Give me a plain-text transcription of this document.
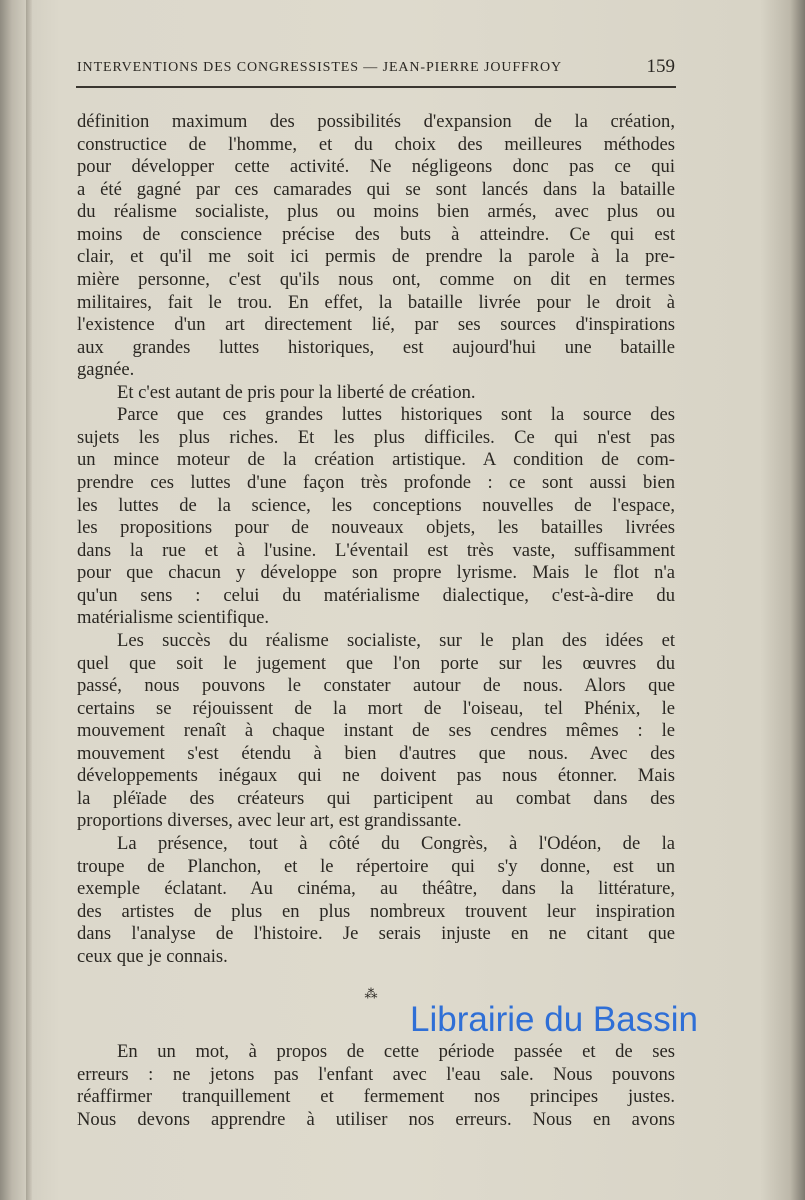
INTERVENTIONS DES CONGRESSISTES — JEAN-PIERRE JOUFFROY	159
définition maximum des possibilités d'expansion de la création,
constructice de l'homme, et du choix des meilleures méthodes
pour développer cette activité. Ne négligeons donc pas ce qui
a été gagné par ces camarades qui se sont lancés dans la bataille
du réalisme socialiste, plus ou moins bien armés, avec plus ou
moins de conscience précise des buts à atteindre. Ce qui est
clair, et qu'il me soit ici permis de prendre la parole à la pre-
mière personne, c'est qu'ils nous ont, comme on dit en termes
militaires, fait le trou. En effet, la bataille livrée pour le droit à
l'existence d'un art directement lié, par ses sources d'inspirations
aux grandes luttes historiques, est aujourd'hui une bataille
gagnée.
Et c'est autant de pris pour la liberté de création.
Parce que ces grandes luttes historiques sont la source des
sujets les plus riches. Et les plus difficiles. Ce qui n'est pas
un mince moteur de la création artistique. A condition de com-
prendre ces luttes d'une façon très profonde : ce sont aussi bien
les luttes de la science, les conceptions nouvelles de l'espace,
les propositions pour de nouveaux objets, les batailles livrées
dans la rue et à l'usine. L'éventail est très vaste, suffisamment
pour que chacun y développe son propre lyrisme. Mais le flot n'a
qu'un sens : celui du matérialisme dialectique, c'est-à-dire du
matérialisme scientifique.
Les succès du réalisme socialiste, sur le plan des idées et
quel que soit le jugement que l'on porte sur les œuvres du
passé, nous pouvons le constater autour de nous. Alors que
certains se réjouissent de la mort de l'oiseau, tel Phénix, le
mouvement renaît à chaque instant de ses cendres mêmes : le
mouvement s'est étendu à bien d'autres que nous. Avec des
développements inégaux qui ne doivent pas nous étonner. Mais
la pléïade des créateurs qui participent au combat dans des
proportions diverses, avec leur art, est grandissante.
La présence, tout à côté du Congrès, à l'Odéon, de la
troupe de Planchon, et le répertoire qui s'y donne, est un
exemple éclatant. Au cinéma, au théâtre, dans la littérature,
des artistes de plus en plus nombreux trouvent leur inspiration
dans l'analyse de l'histoire. Je serais injuste en ne citant que
ceux que je connais.
⁂
En un mot, à propos de cette période passée et de ses
erreurs : ne jetons pas l'enfant avec l'eau sale. Nous pouvons
réaffirmer tranquillement et fermement nos principes justes.
Nous devons apprendre à utiliser nos erreurs. Nous en avons
Librairie du Bassin
